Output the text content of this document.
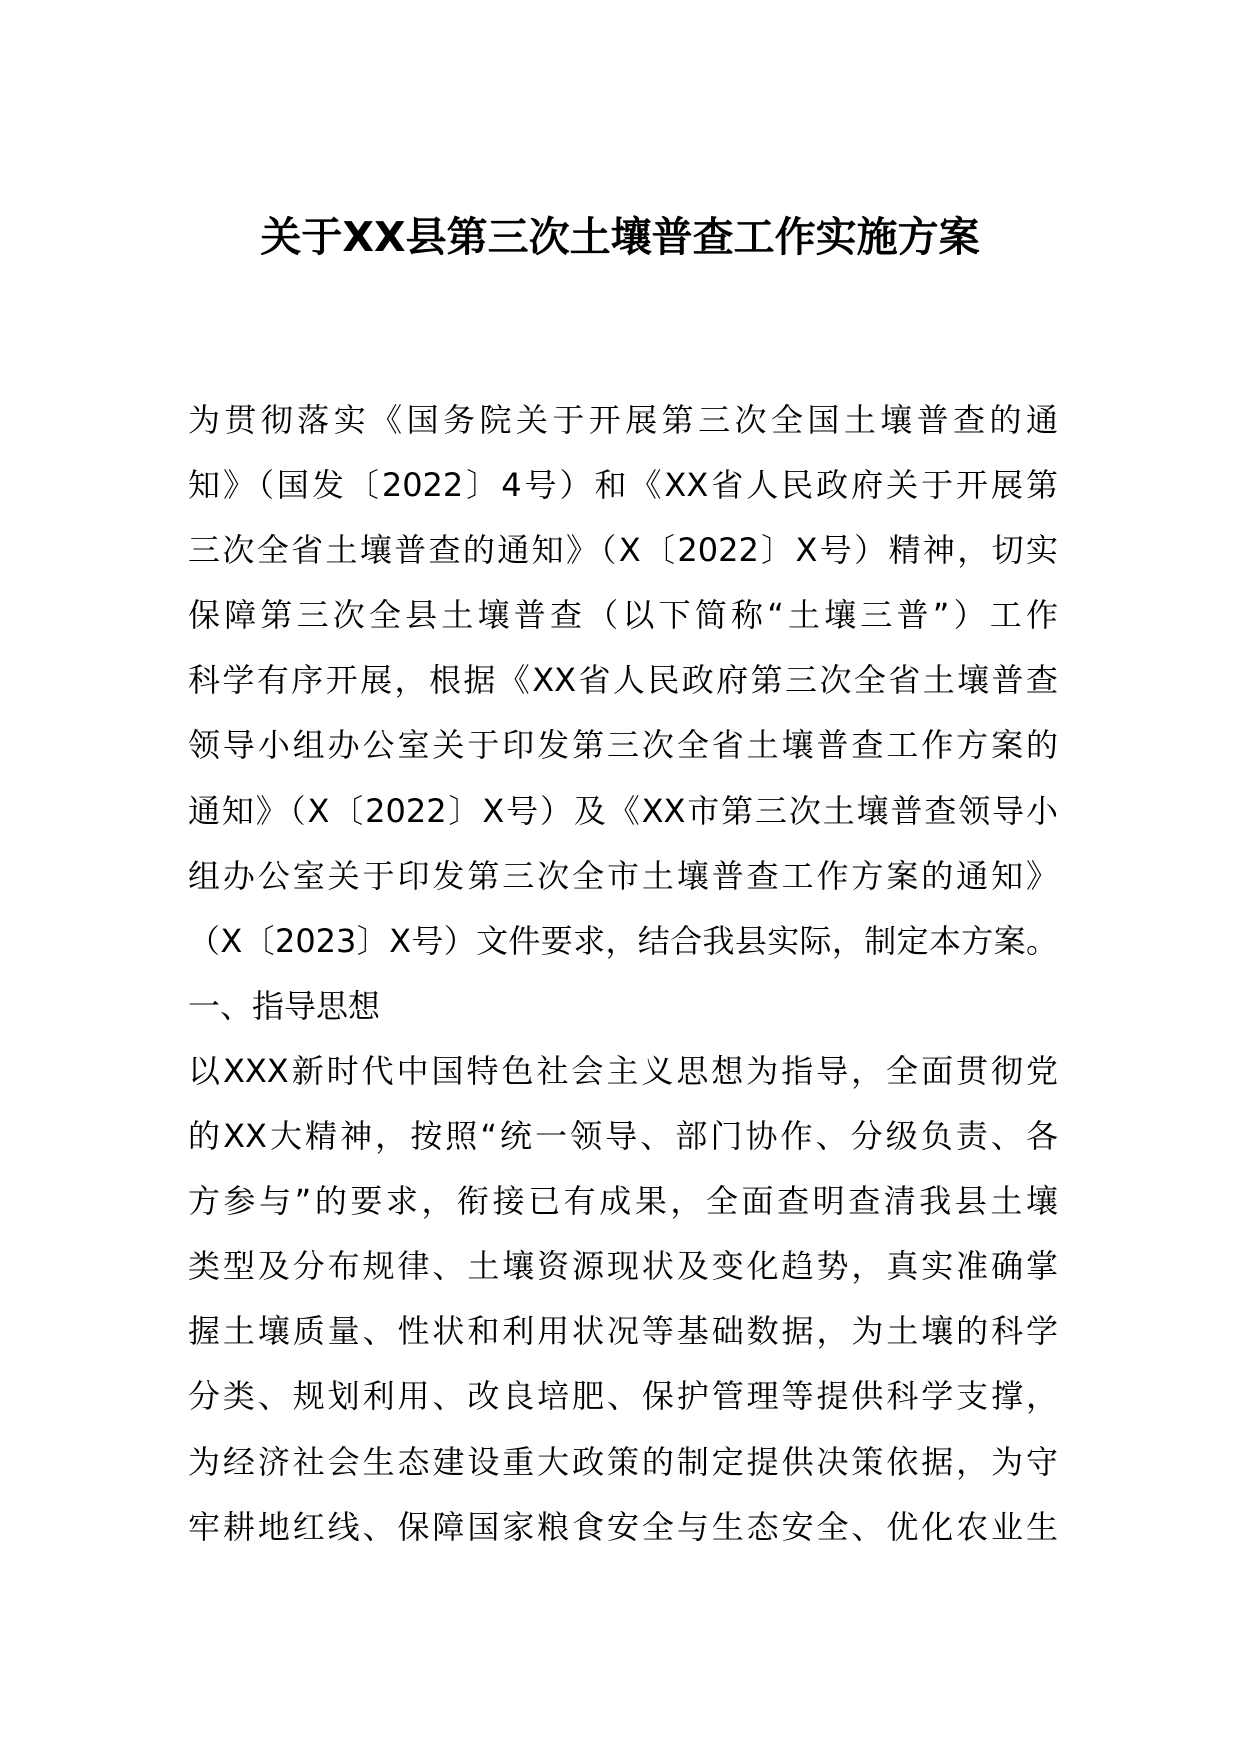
关于XX县第三次土壤普查工作实施方案
为贯彻落实《国务院关于开展第三次全国土壤普查的通
知》（国发〔2022〕4号）和《XX省人民政府关于开展第
三次全省土壤普查的通知》（X〔2022〕X号）精神，切实
保障第三次全县土壤普查（以下简称“土壤三普”）工作
科学有序开展，根据《XX省人民政府第三次全省土壤普查
领导小组办公室关于印发第三次全省土壤普查工作方案的
通知》（X〔2022〕X号）及《XX市第三次土壤普查领导小
组办公室关于印发第三次全市土壤普查工作方案的通知》
（X〔2023〕X号）文件要求，结合我县实际，制定本方案。
一、指导思想
以XXX新时代中国特色社会主义思想为指导，全面贯彻党
的XX大精神，按照“统一领导、部门协作、分级负责、各
方参与”的要求，衔接已有成果，全面查明查清我县土壤
类型及分布规律、土壤资源现状及变化趋势，真实准确掌
握土壤质量、性状和利用状况等基础数据，为土壤的科学
分类、规划利用、改良培肥、保护管理等提供科学支撑，
为经济社会生态建设重大政策的制定提供决策依据，为守
牢耕地红线、保障国家粮食安全与生态安全、优化农业生
